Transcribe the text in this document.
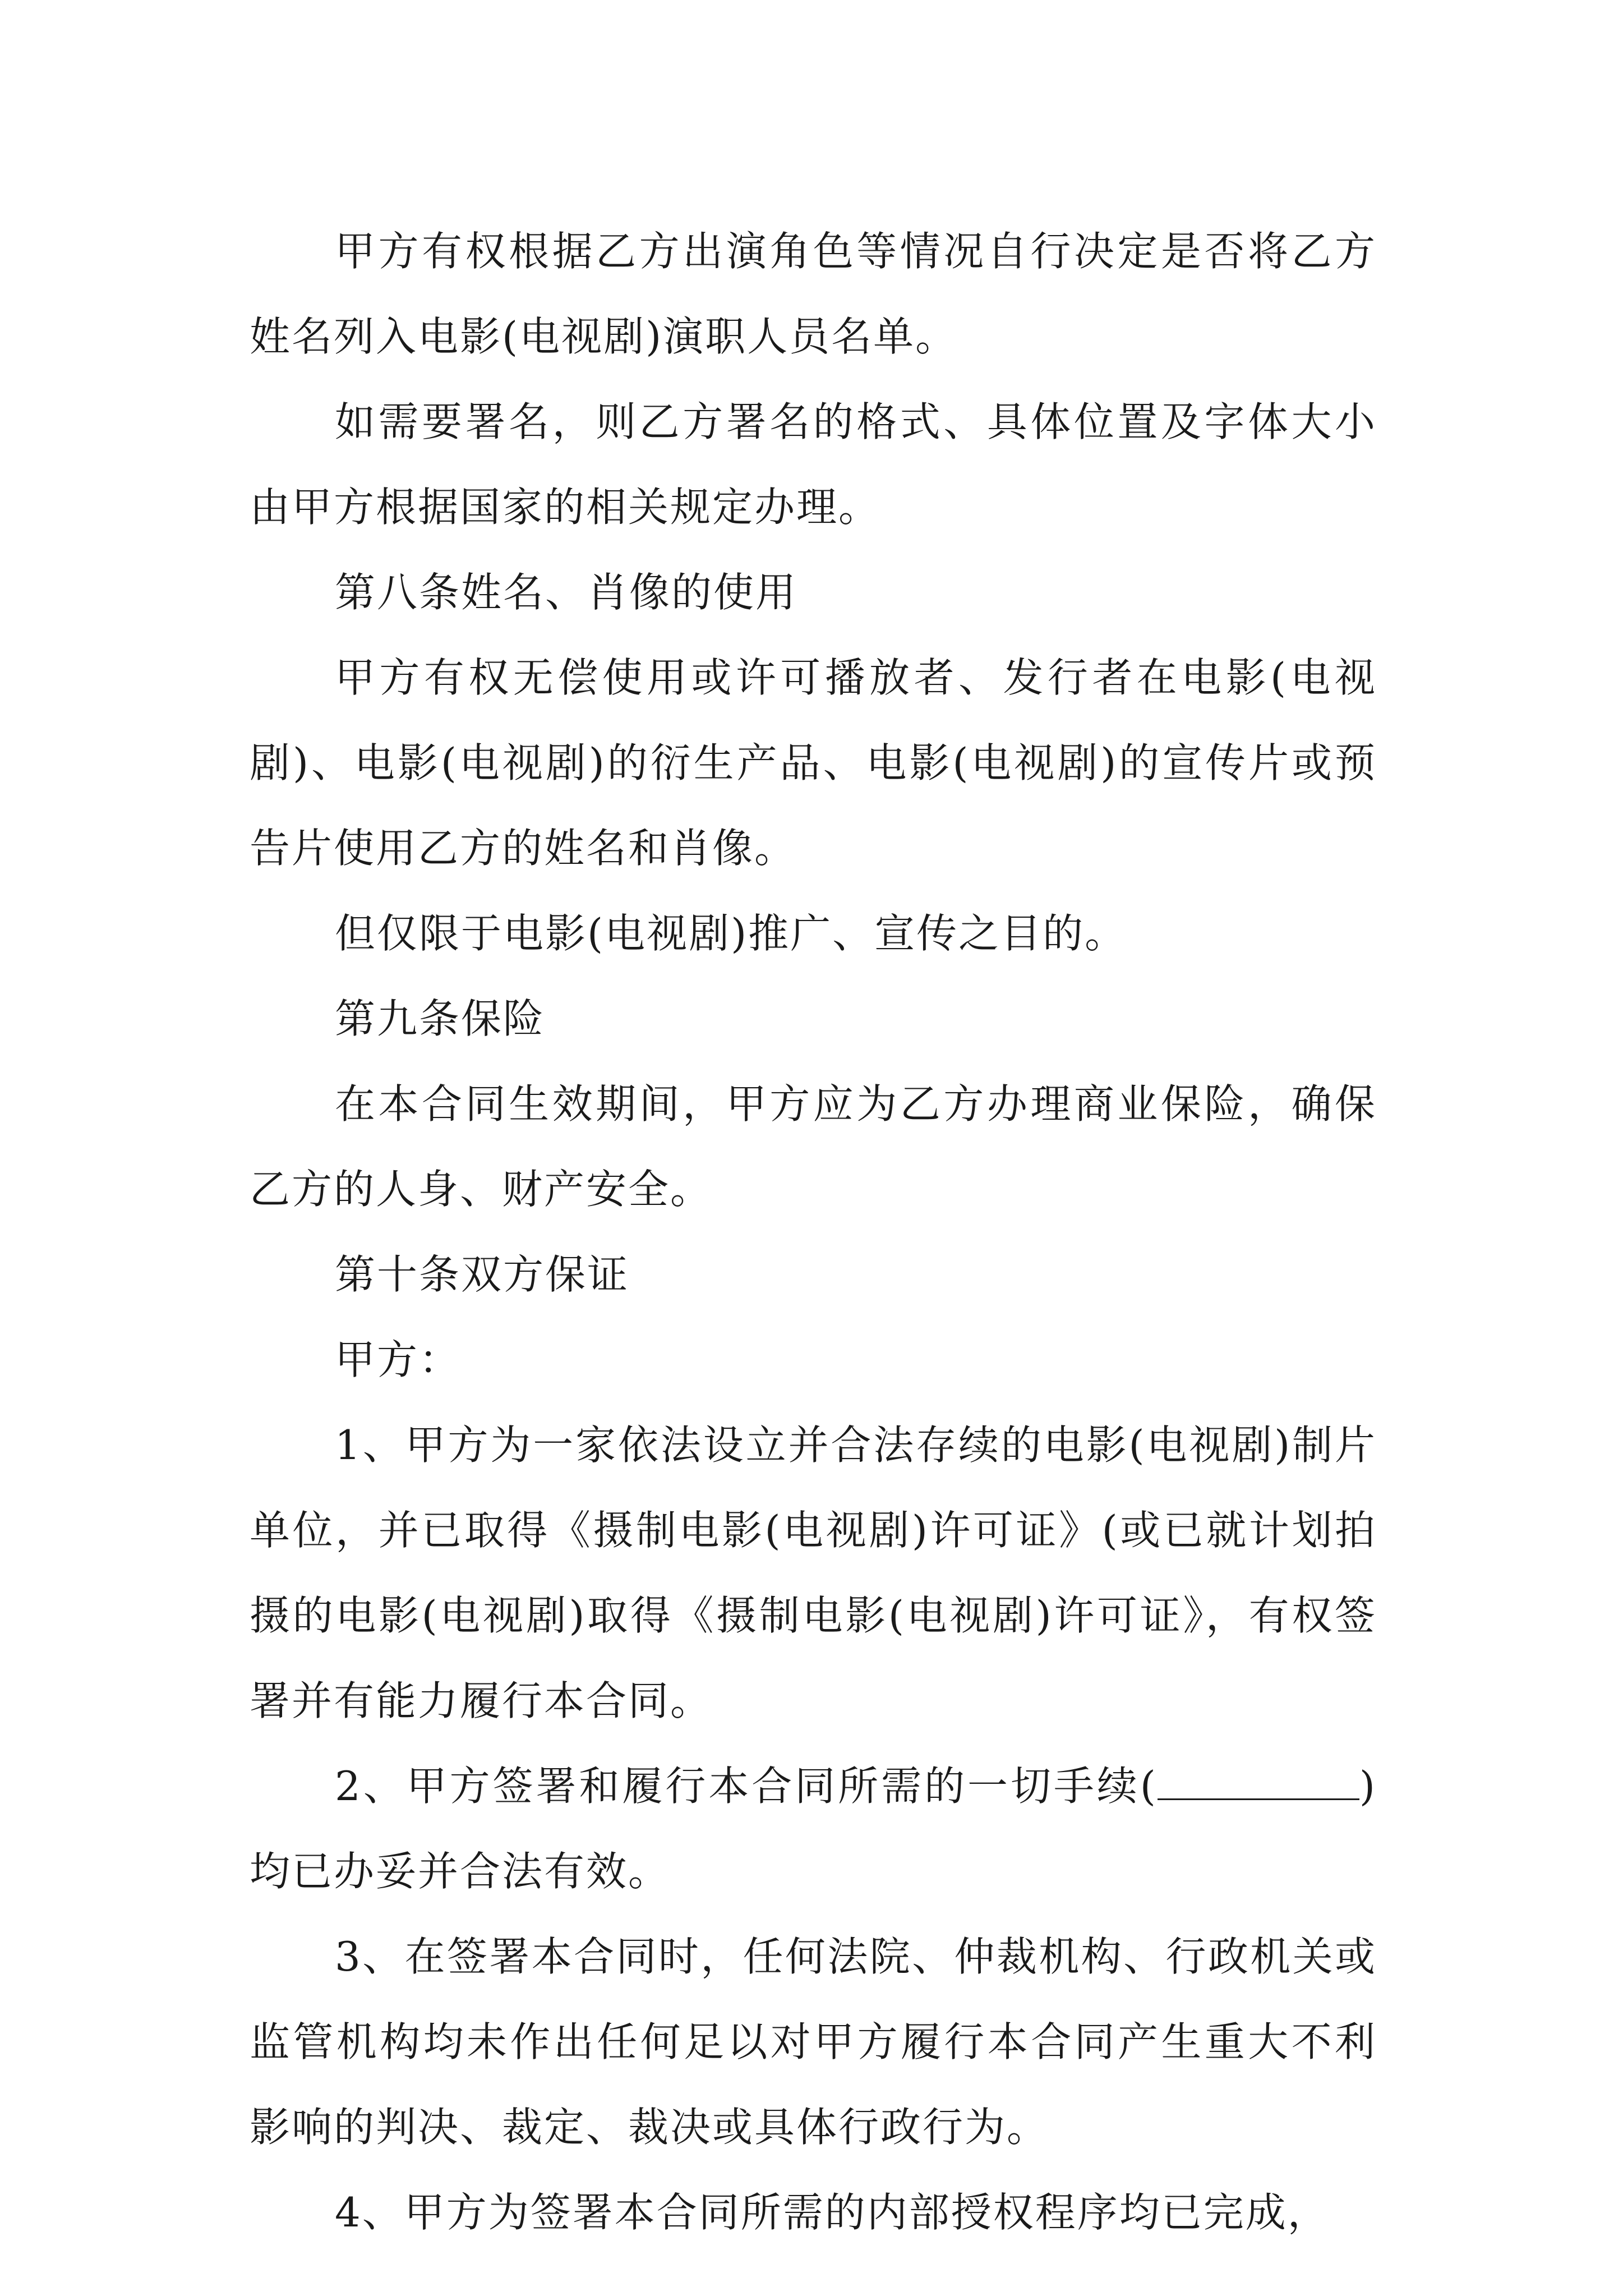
甲方有权根据乙方出演角色等情况自行决定是否将乙方姓名列入电影(电视剧)演职人员名单。

如需要署名，则乙方署名的格式、具体位置及字体大小由甲方根据国家的相关规定办理。

第八条姓名、肖像的使用

甲方有权无偿使用或许可播放者、发行者在电影(电视剧)、电影(电视剧)的衍生产品、电影(电视剧)的宣传片或预告片使用乙方的姓名和肖像。

但仅限于电影(电视剧)推广、宣传之目的。

第九条保险

在本合同生效期间，甲方应为乙方办理商业保险，确保乙方的人身、财产安全。

第十条双方保证

甲方：

1、甲方为一家依法设立并合法存续的电影(电视剧)制片单位，并已取得《摄制电影(电视剧)许可证》(或已就计划拍摄的电影(电视剧)取得《摄制电影(电视剧)许可证》，有权签署并有能力履行本合同。

2、甲方签署和履行本合同所需的一切手续(	)均已办妥并合法有效。

3、在签署本合同时，任何法院、仲裁机构、行政机关或监管机构均未作出任何足以对甲方履行本合同产生重大不利影响的判决、裁定、裁决或具体行政行为。

4、甲方为签署本合同所需的内部授权程序均已完成，
